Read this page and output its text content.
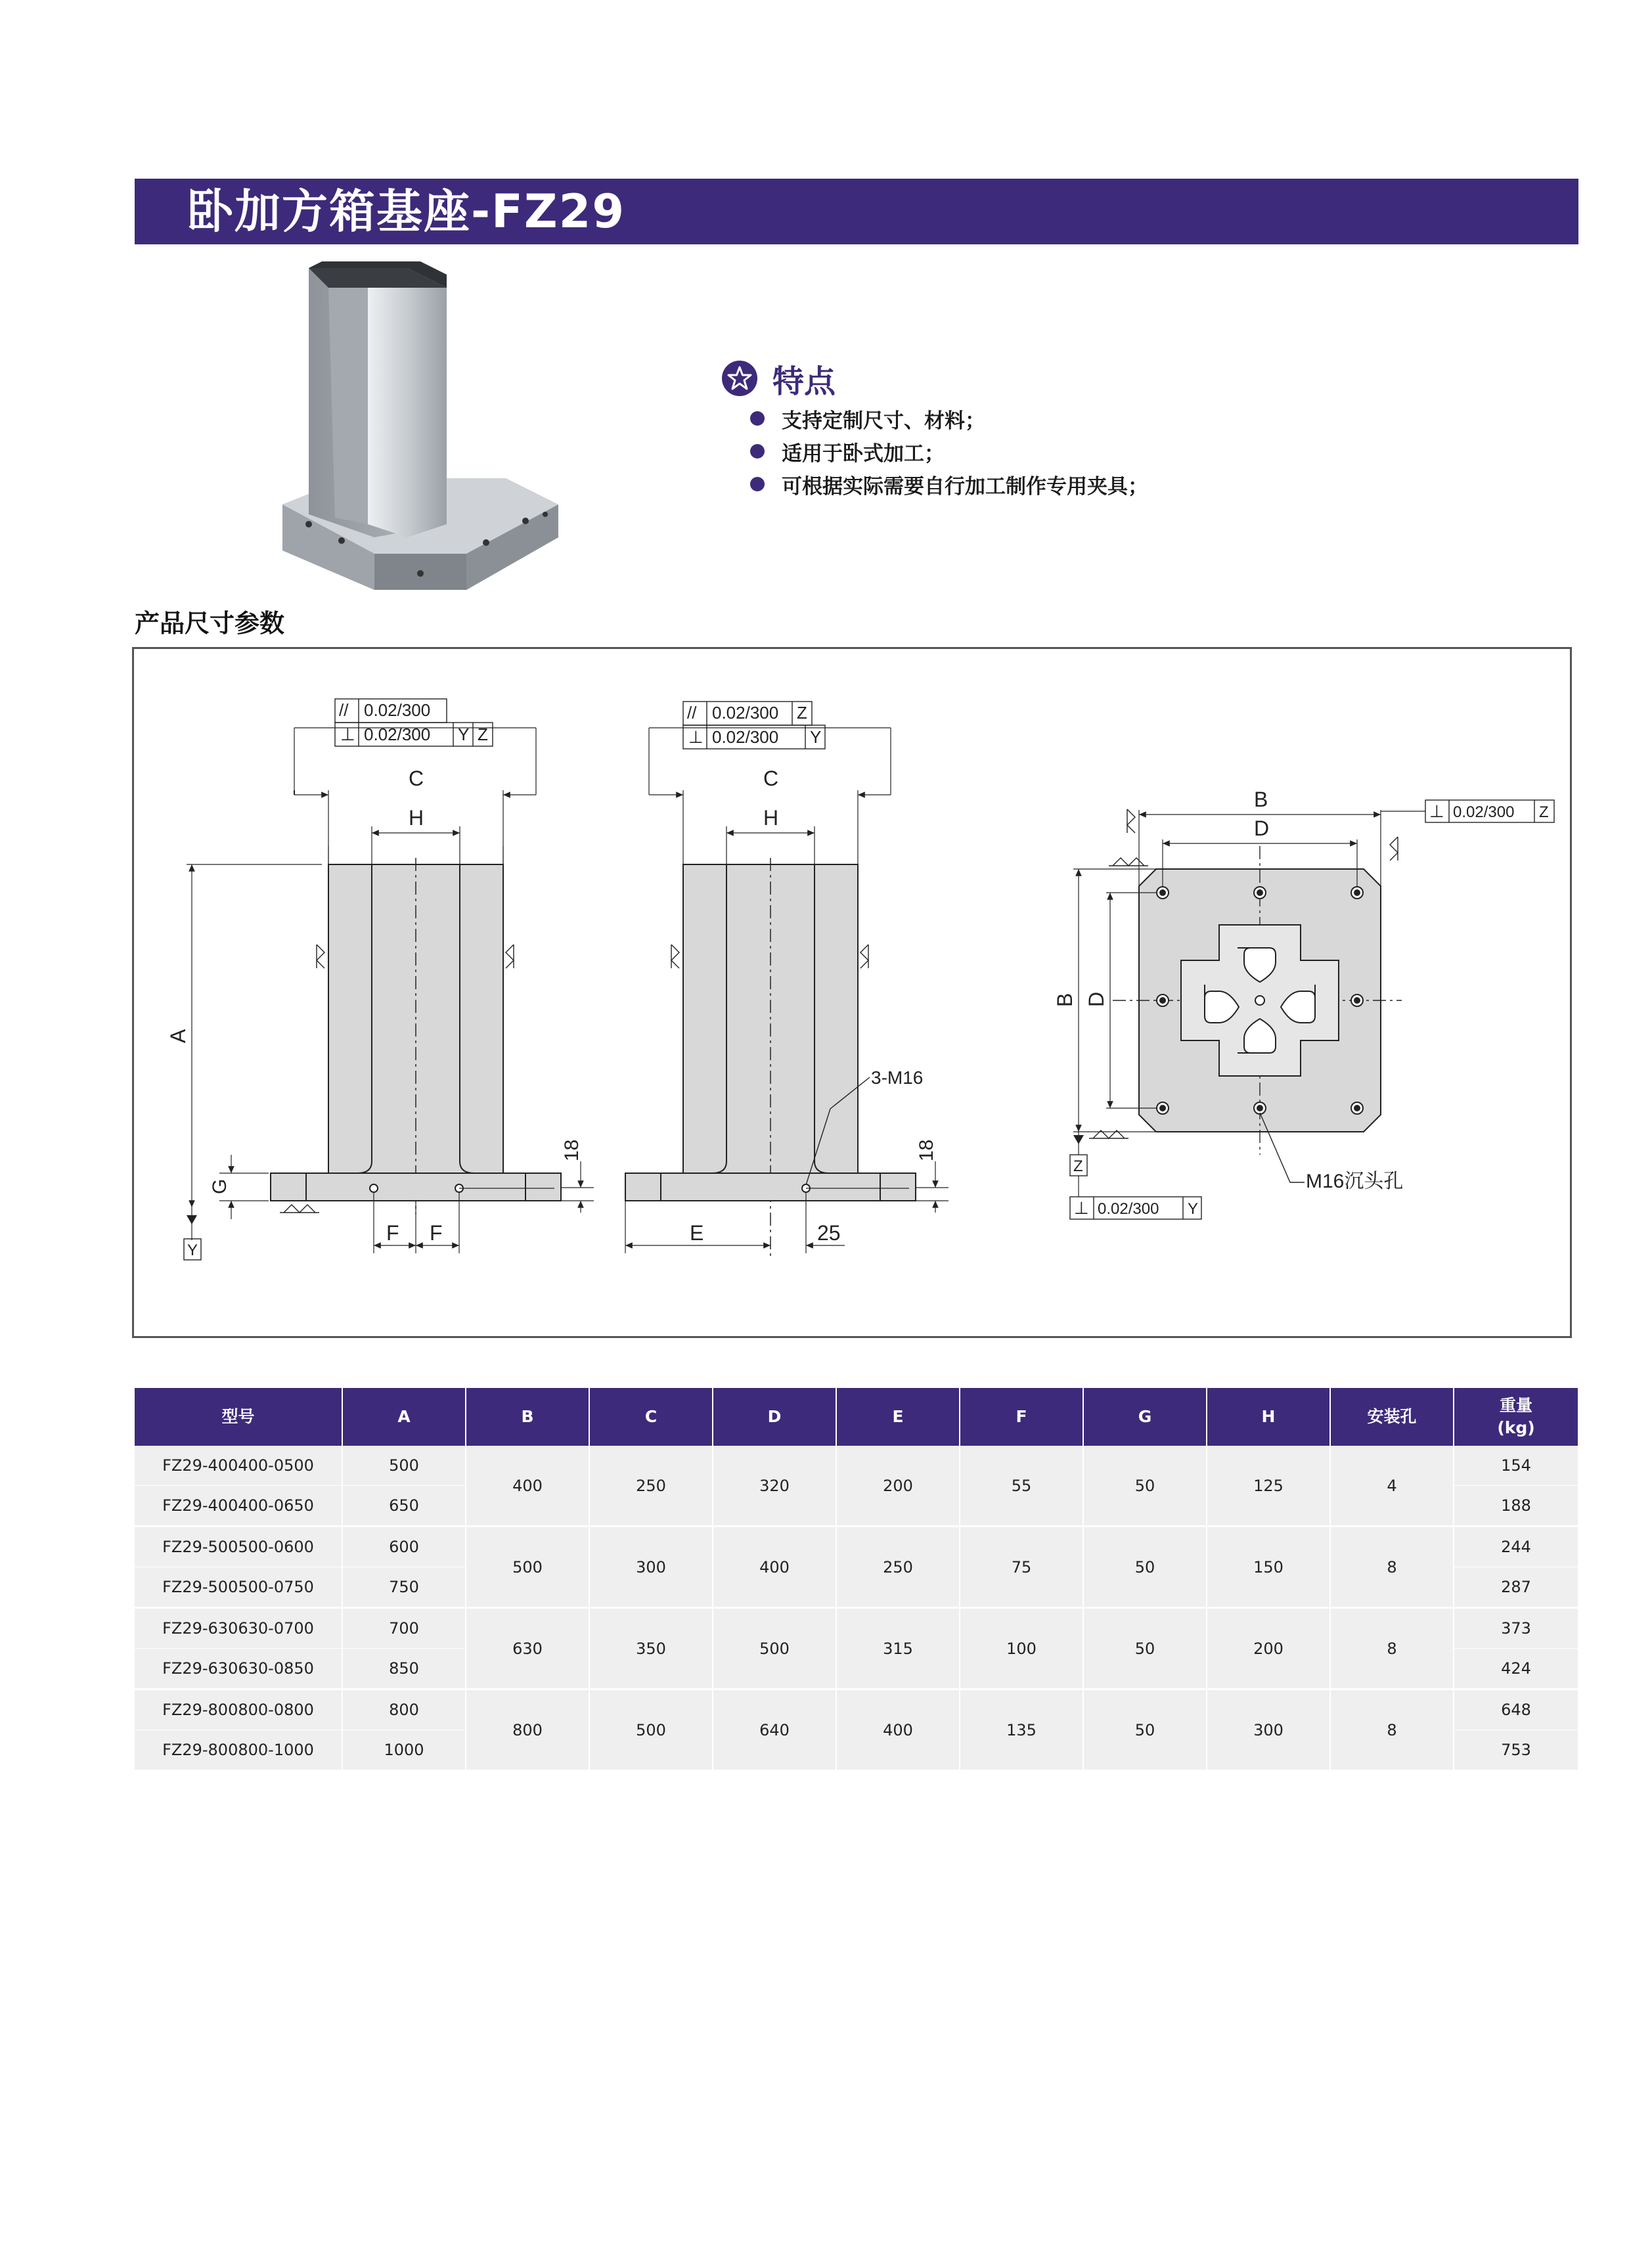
卧加方箱基座-FZ29
特点
支持定制尺寸、材料；
适用于卧式加工；
可根据实际需要自行加工制作专用夹具；
产品尺寸参数
// 0.02/300
⊥ 0.02/300 Y Z
C
H
A
G
18
F F
Y
// 0.02/300 Z
⊥ 0.02/300 Y
C
H
18
E	25
3-M16
B
D
B D
⊥ 0.02/300 Z
Z
⊥ 0.02/300 Y
M16沉头孔
型号	A	B	C	D	E	F	G	H	安装孔	重量
(kg)
FZ29-400400-0500	500	400	250	320	200	55	50	125	4	154
FZ29-400400-0650	650									188
FZ29-500500-0600	600	500	300	400	250	75	50	150	8	244
FZ29-500500-0750	750									287
FZ29-630630-0700	700	630	350	500	315	100	50	200	8	373
FZ29-630630-0850	850									424
FZ29-800800-0800	800	800	500	640	400	135	50	300	8	648
FZ29-800800-1000	1000									753
